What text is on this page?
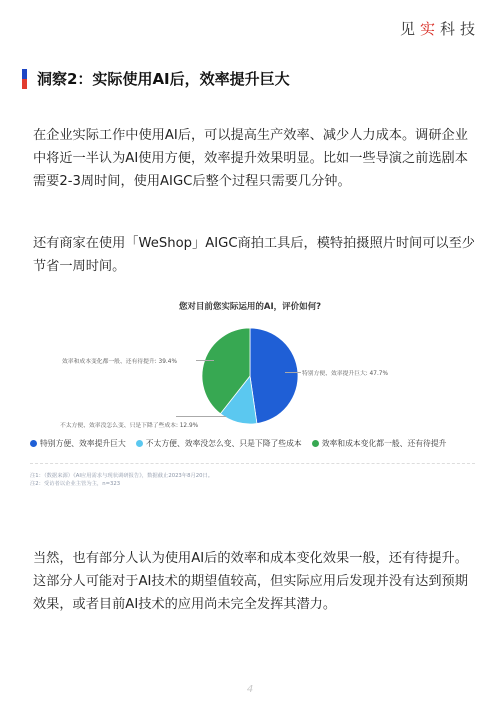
见实科技
洞察2：实际使用AI后，效率提升巨大

在企业实际工作中使用AI后，可以提高生产效率、减少人力成本。调研企业中将近一半认为AI使用方便，效率提升效果明显。比如一些导演之前选剧本需要2-3周时间，使用AIGC后整个过程只需要几分钟。

还有商家在使用「WeShop」AIGC商拍工具后，模特拍摄照片时间可以至少节省一周时间。

您对目前您实际运用的AI，评价如何?
特别方便、效率提升巨大: 47.7%
不太方便、效率没怎么变、只是下降了些成本: 12.9%
效率和成本变化都一般、还有待提升: 39.4%
特别方便、效率提升巨大	不太方便、效率没怎么变、只是下降了些成本	效率和成本变化都一般、还有待提升
注1：（数据来源）《AI应用需求与现状调研报告》，数据截止2023年8月20日。
注2：受访者以企业主管为主，n=323

当然，也有部分人认为使用AI后的效率和成本变化效果一般，还有待提升。这部分人可能对于AI技术的期望值较高，但实际应用后发现并没有达到预期效果，或者目前AI技术的应用尚未完全发挥其潜力。

4
